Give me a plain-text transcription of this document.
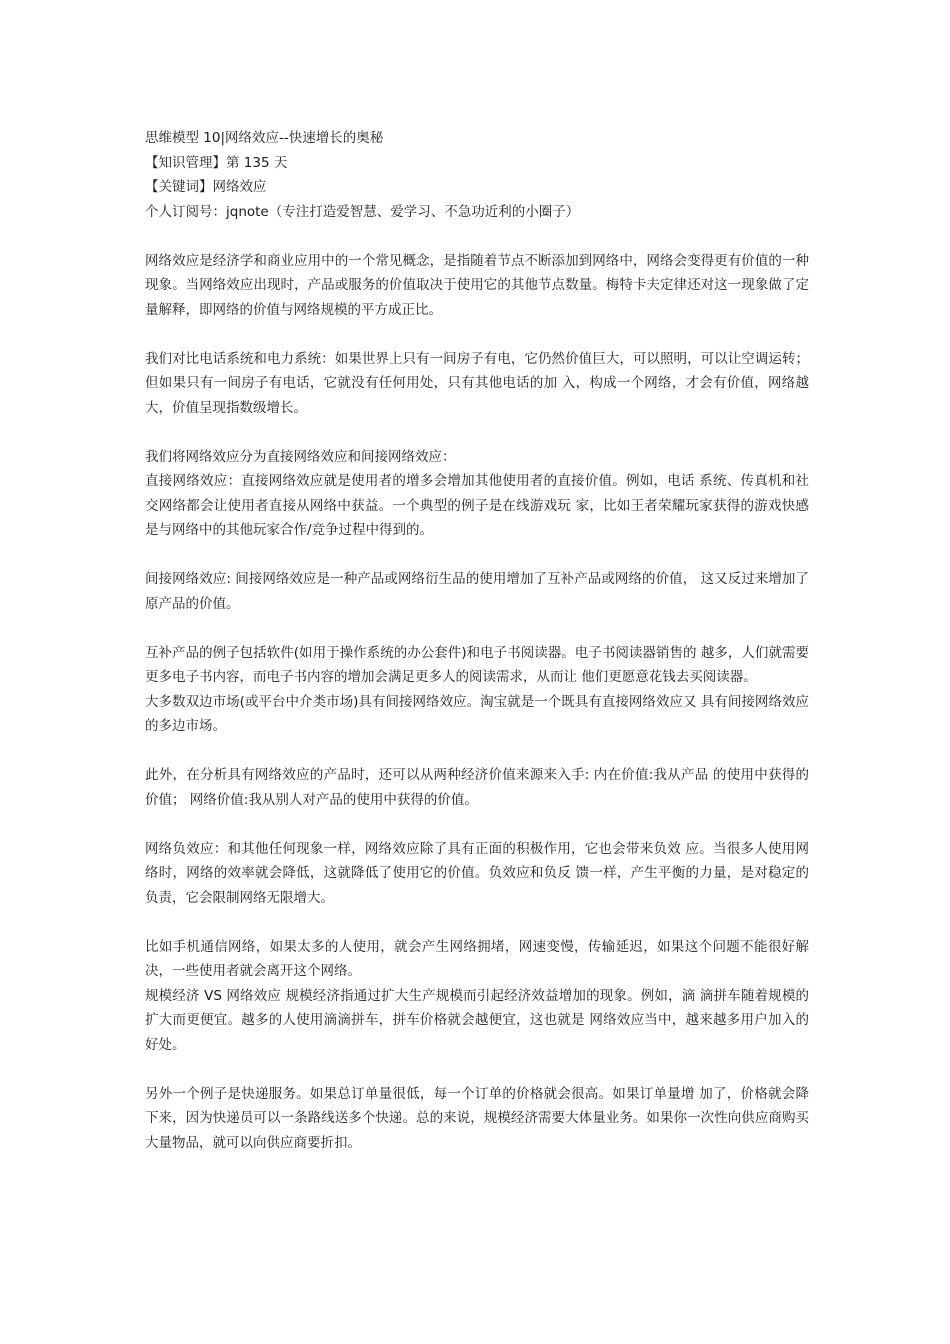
思维模型 10|网络效应--快速增长的奥秘

【知识管理】第 135 天

【关键词】网络效应

个人订阅号：jqnote（专注打造爱智慧、爱学习、不急功近利的小圈子）

网络效应是经济学和商业应用中的一个常见概念，是指随着节点不断添加到网络中，网络会变得更有价值的一种现象。当网络效应出现时，产品或服务的价值取决于使用它的其他节点数量。梅特卡夫定律还对这一现象做了定量解释，即网络的价值与网络规模的平方成正比。

我们对比电话系统和电力系统：如果世界上只有一间房子有电，它仍然价值巨大，可以照明，可以让空调运转；但如果只有一间房子有电话，它就没有任何用处，只有其他电话的加 入，构成一个网络，才会有价值，网络越大，价值呈现指数级增长。

我们将网络效应分为直接网络效应和间接网络效应：

直接网络效应：直接网络效应就是使用者的增多会增加其他使用者的直接价值。例如，电话 系统、传真机和社交网络都会让使用者直接从网络中获益。一个典型的例子是在线游戏玩 家，比如王者荣耀玩家获得的游戏快感是与网络中的其他玩家合作/竞争过程中得到的。

间接网络效应: 间接网络效应是一种产品或网络衍生品的使用增加了互补产品或网络的价值， 这又反过来增加了原产品的价值。

互补产品的例子包括软件(如用于操作系统的办公套件)和电子书阅读器。电子书阅读器销售的 越多，人们就需要更多电子书内容，而电子书内容的增加会满足更多人的阅读需求，从而让 他们更愿意花钱去买阅读器。

大多数双边市场(或平台中介类市场)具有间接网络效应。淘宝就是一个既具有直接网络效应又 具有间接网络效应的多边市场。

此外，在分析具有网络效应的产品时，还可以从两种经济价值来源来入手: 内在价值:我从产品 的使用中获得的价值； 网络价值:我从别人对产品的使用中获得的价值。

网络负效应：和其他任何现象一样，网络效应除了具有正面的积极作用，它也会带来负效 应。当很多人使用网络时，网络的效率就会降低，这就降低了使用它的价值。负效应和负反 馈一样，产生平衡的力量，是对稳定的负责，它会限制网络无限增大。

比如手机通信网络，如果太多的人使用，就会产生网络拥堵，网速变慢，传输延迟，如果这个问题不能很好解 决，一些使用者就会离开这个网络。

规模经济 VS 网络效应 规模经济指通过扩大生产规模而引起经济效益增加的现象。例如，滴 滴拼车随着规模的扩大而更便宜。越多的人使用滴滴拼车，拼车价格就会越便宜，这也就是 网络效应当中，越来越多用户加入的好处。

另外一个例子是快递服务。如果总订单量很低，每一个订单的价格就会很高。如果订单量增 加了，价格就会降下来，因为快递员可以一条路线送多个快递。总的来说，规模经济需要大体量业务。如果你一次性向供应商购买大量物品，就可以向供应商要折扣。
